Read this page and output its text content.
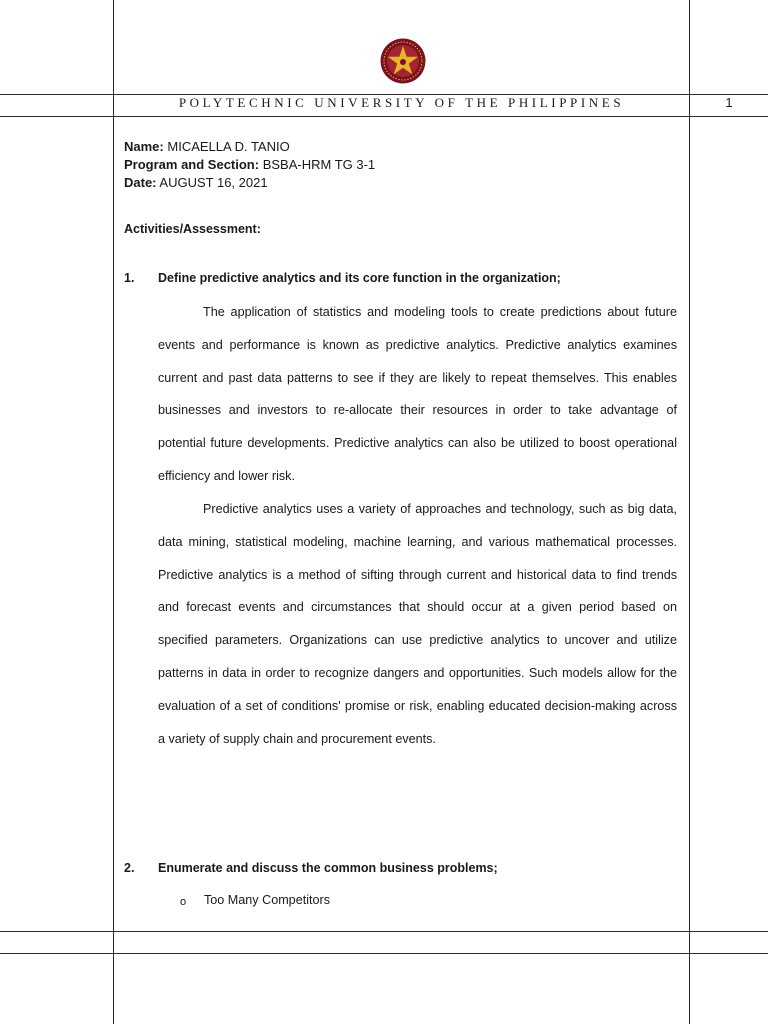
POLYTECHNIC UNIVERSITY OF THE PHILIPPINES	1
Name: MICAELLA D. TANIO
Program and Section: BSBA-HRM TG 3-1
Date: AUGUST 16, 2021
Activities/Assessment:
1. Define predictive analytics and its core function in the organization;

The application of statistics and modeling tools to create predictions about future events and performance is known as predictive analytics. Predictive analytics examines current and past data patterns to see if they are likely to repeat themselves. This enables businesses and investors to re-allocate their resources in order to take advantage of potential future developments. Predictive analytics can also be utilized to boost operational efficiency and lower risk.

Predictive analytics uses a variety of approaches and technology, such as big data, data mining, statistical modeling, machine learning, and various mathematical processes. Predictive analytics is a method of sifting through current and historical data to find trends and forecast events and circumstances that should occur at a given period based on specified parameters. Organizations can use predictive analytics to uncover and utilize patterns in data in order to recognize dangers and opportunities. Such models allow for the evaluation of a set of conditions' promise or risk, enabling educated decision-making across a variety of supply chain and procurement events.

2. Enumerate and discuss the common business problems;
o Too Many Competitors
